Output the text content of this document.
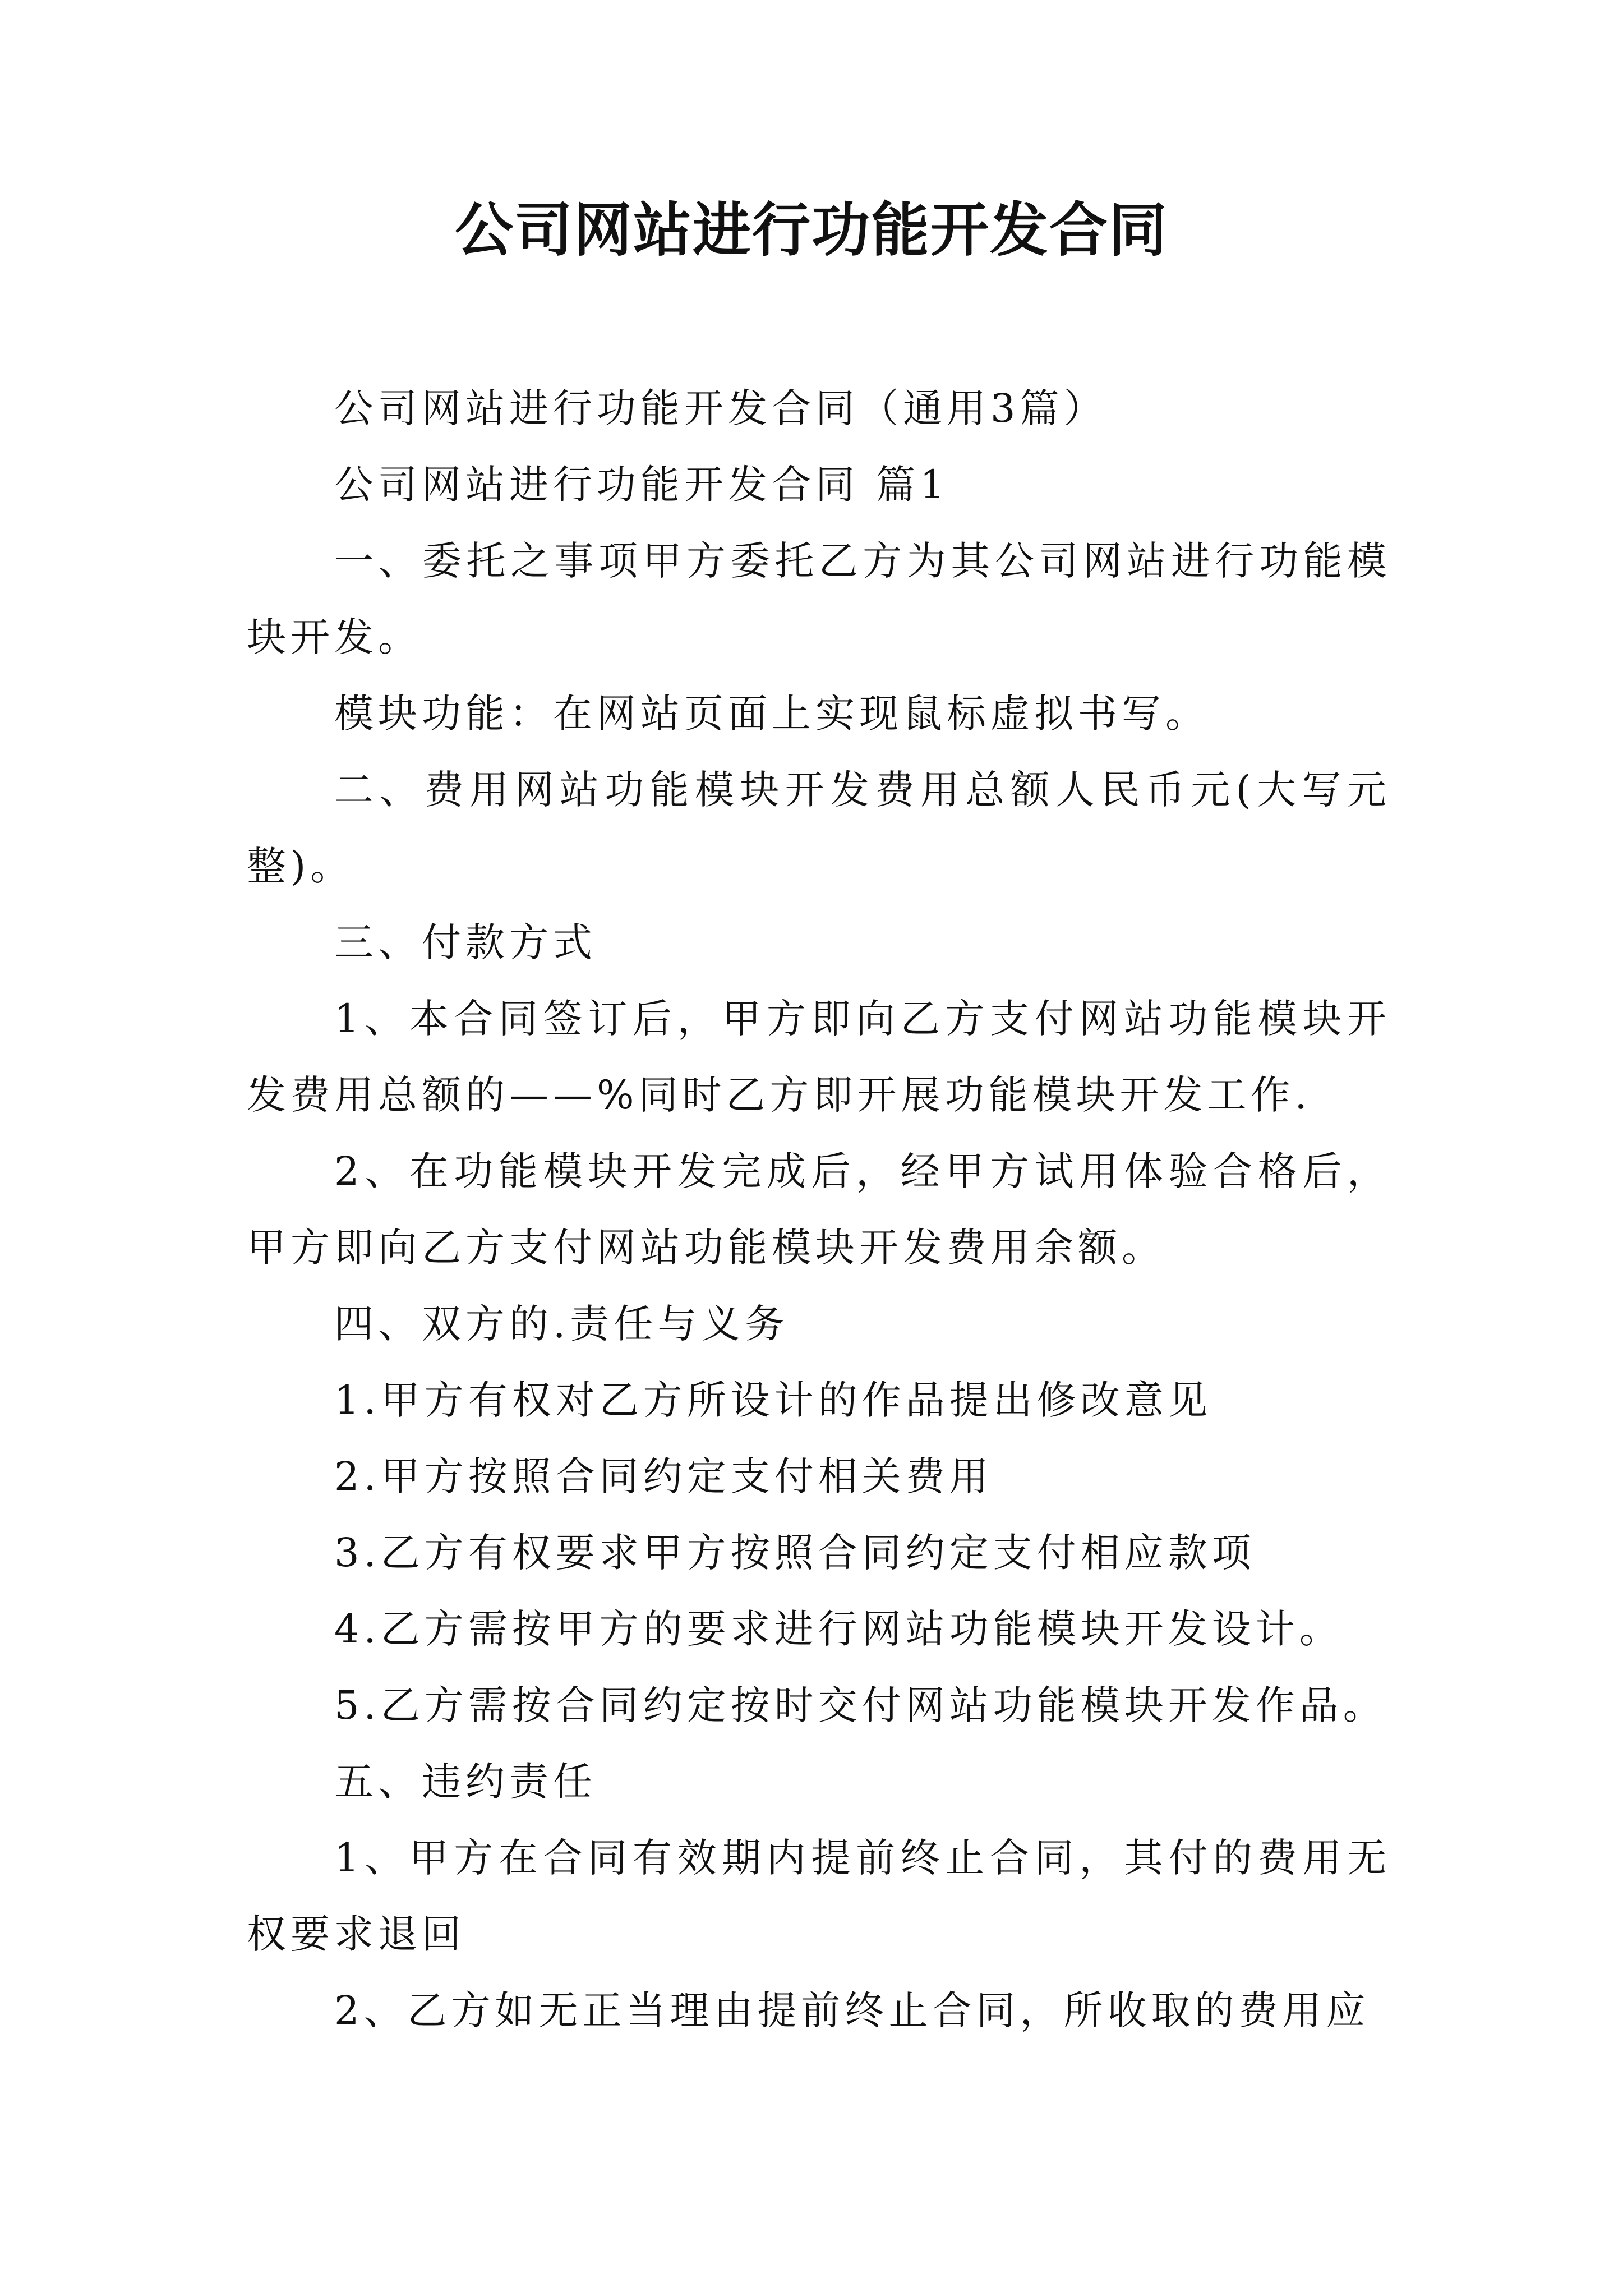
公司网站进行功能开发合同

公司网站进行功能开发合同（通用3篇）

公司网站进行功能开发合同 篇1

一、委托之事项甲方委托乙方为其公司网站进行功能模块开发。

模块功能：在网站页面上实现鼠标虚拟书写。

二、费用网站功能模块开发费用总额人民币元(大写元整)。

三、付款方式

1、本合同签订后，甲方即向乙方支付网站功能模块开发费用总额的——%同时乙方即开展功能模块开发工作.

2、在功能模块开发完成后，经甲方试用体验合格后，甲方即向乙方支付网站功能模块开发费用余额。

四、双方的.责任与义务

1.甲方有权对乙方所设计的作品提出修改意见

2.甲方按照合同约定支付相关费用

3.乙方有权要求甲方按照合同约定支付相应款项

4.乙方需按甲方的要求进行网站功能模块开发设计。

5.乙方需按合同约定按时交付网站功能模块开发作品。

五、违约责任

1、甲方在合同有效期内提前终止合同，其付的费用无权要求退回

2、乙方如无正当理由提前终止合同，所收取的费用应
